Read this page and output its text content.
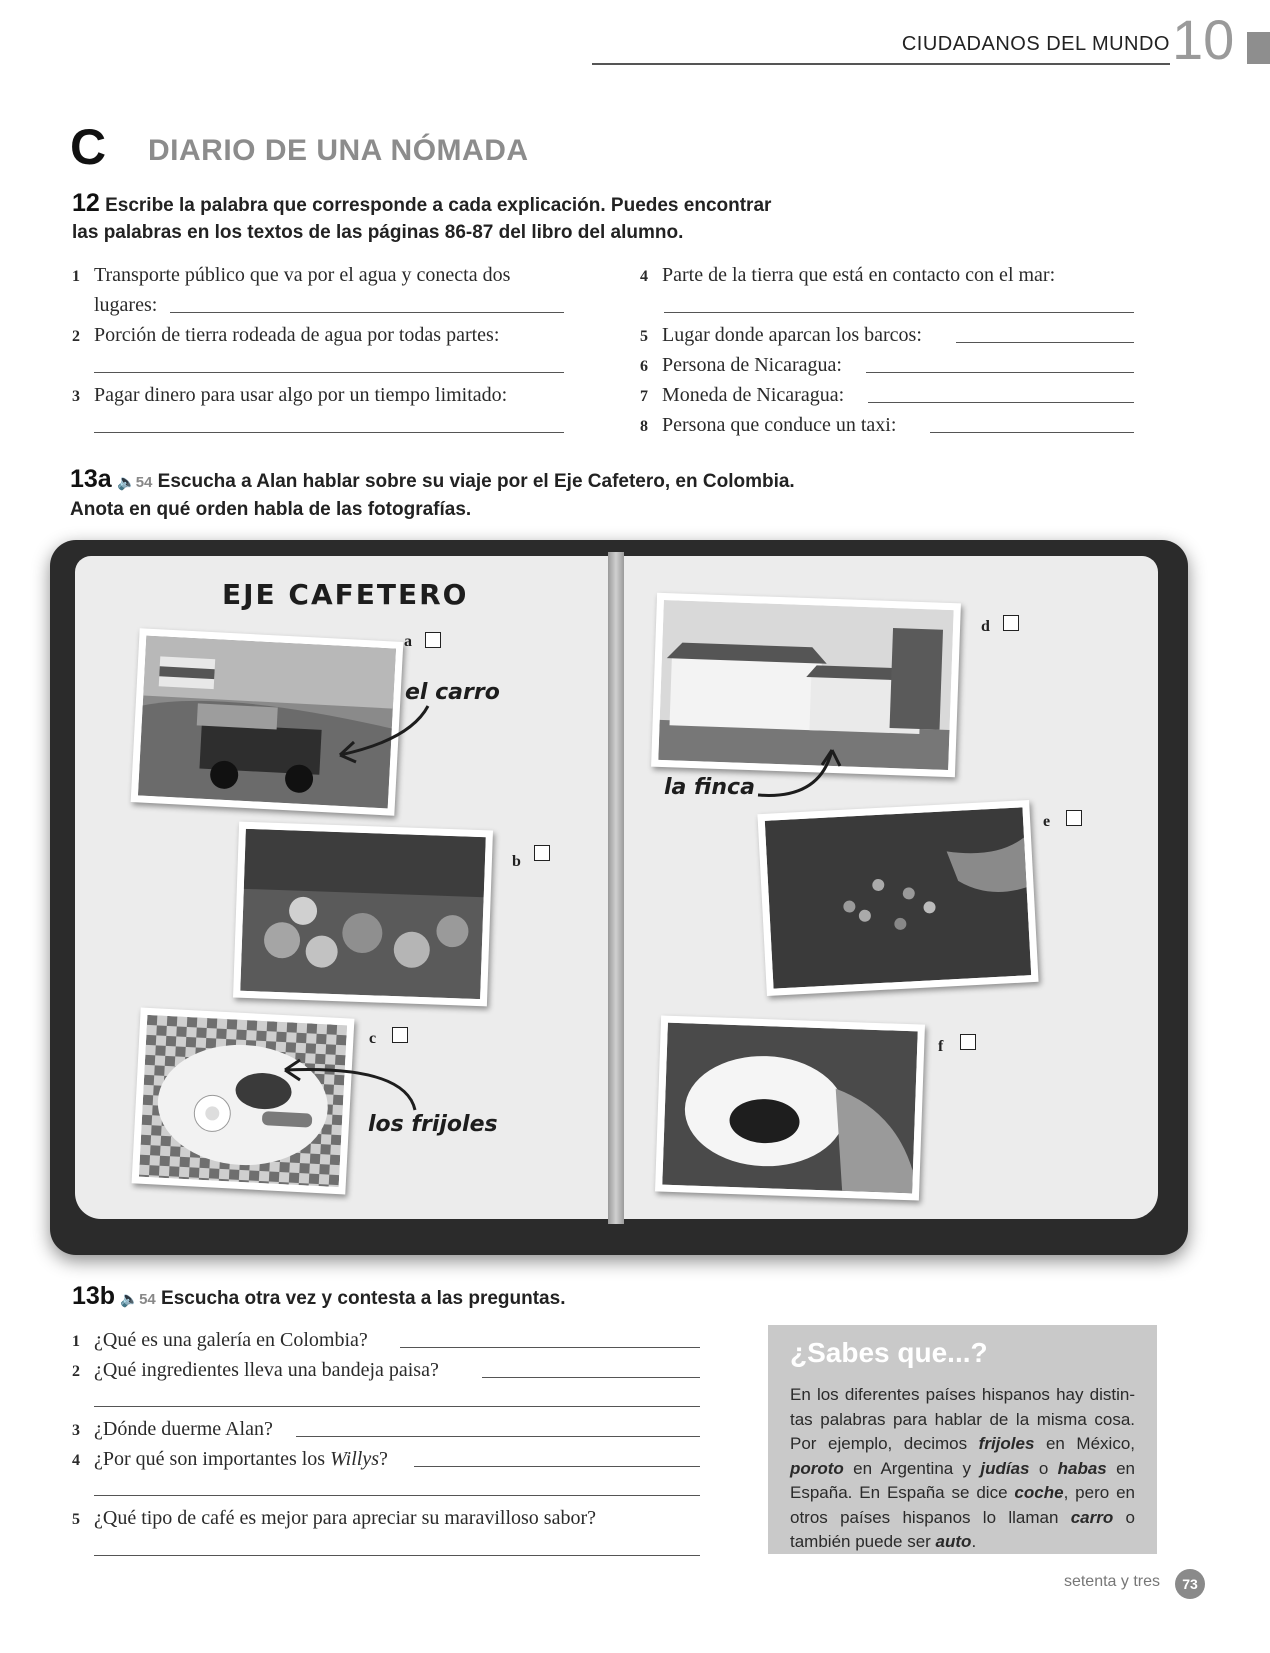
CIUDADANOS DEL MUNDO 10
C DIARIO DE UNA NÓMADA
12 Escribe la palabra que corresponde a cada explicación. Puedes encontrar
las palabras en los textos de las páginas 86-87 del libro del alumno.
1 Transporte público que va por el agua y conecta dos
lugares:
2 Porción de tierra rodeada de agua por todas partes:
3 Pagar dinero para usar algo por un tiempo limitado:
4 Parte de la tierra que está en contacto con el mar:
5 Lugar donde aparcan los barcos:
6 Persona de Nicaragua:
7 Moneda de Nicaragua:
8 Persona que conduce un taxi:
13a 🔈54 Escucha a Alan hablar sobre su viaje por el Eje Cafetero, en Colombia.
Anota en qué orden habla de las fotografías.
EJE CAFETERO
a
el carro
b
c
los frijoles
d
la finca
e
f
13b 🔈54 Escucha otra vez y contesta a las preguntas.
1 ¿Qué es una galería en Colombia?
2 ¿Qué ingredientes lleva una bandeja paisa?
3 ¿Dónde duerme Alan?
4 ¿Por qué son importantes los Willys?
5 ¿Qué tipo de café es mejor para apreciar su maravilloso sabor?
¿Sabes que...?
En los diferentes países hispanos hay distin-tas palabras para hablar de la misma cosa. Por ejemplo, decimos frijoles en México, poroto en Argentina y judías o habas en España. En España se dice coche, pero en otros países hispanos lo llaman carro o también puede ser auto.
setenta y tres	73
